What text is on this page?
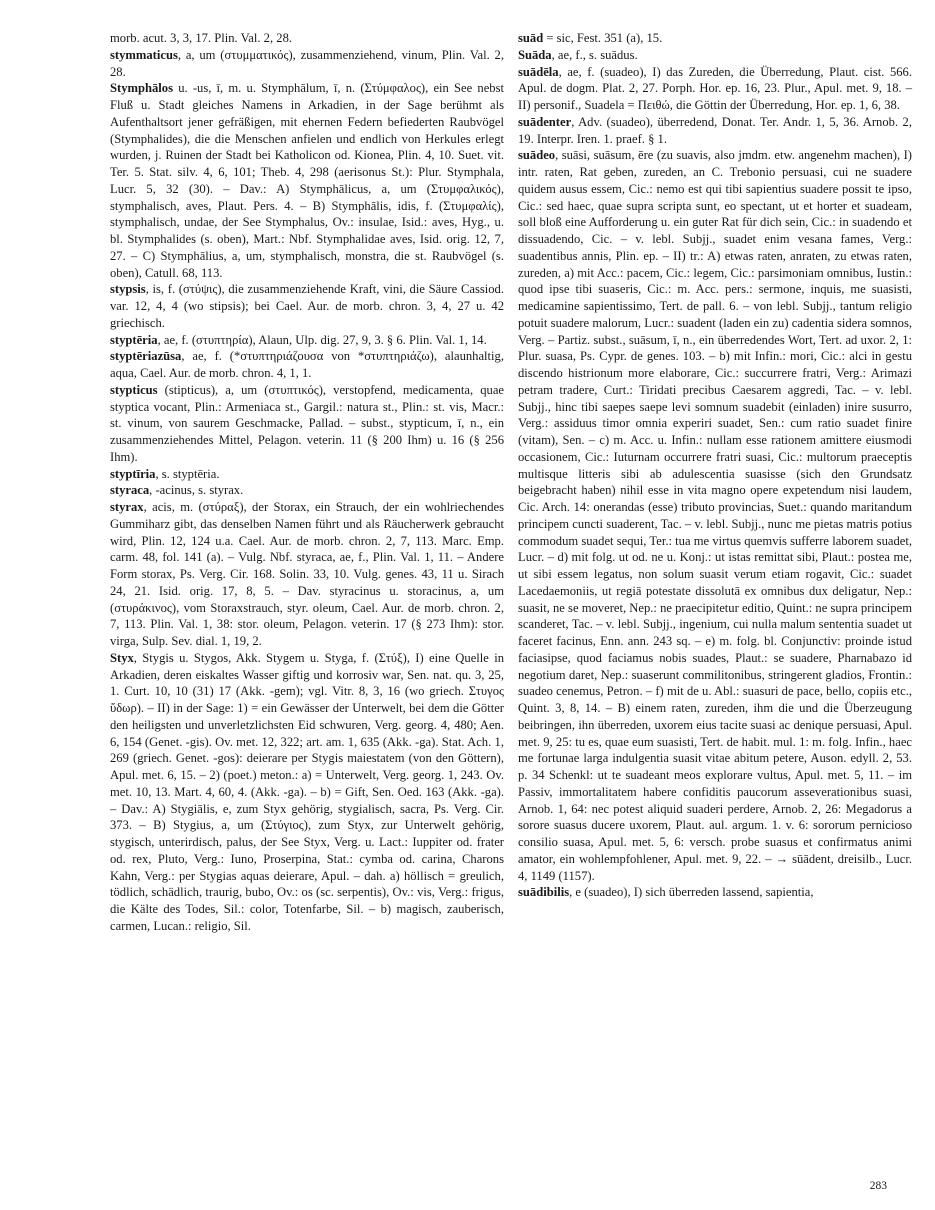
morb. acut. 3, 3, 17. Plin. Val. 2, 28.

stymmaticus, a, um (στυμματικός), zusammenziehend, vinum, Plin. Val. 2, 28.

Stymphālos u. -us, ī, m. u. Stymphālum, ī, n. (Στύμφαλος), ein See nebst Fluß u. Stadt gleiches Namens in Arkadien, in der Sage berühmt als Aufenthaltsort jener gefräßigen, mit ehernen Federn befiederten Raubvögel (Stymphalides), die die Menschen anfielen und endlich von Herkules erlegt wurden, j. Ruinen der Stadt bei Katholicon od. Kionea, Plin. 4, 10. Suet. vit. Ter. 5. Stat. silv. 4, 6, 101; Theb. 4, 298 (aerisonus St.): Plur. Stymphala, Lucr. 5, 32 (30). – Dav.: A) Stymphālicus, a, um (Στυμφαλικός), stymphalisch, aves, Plaut. Pers. 4. – B) Stymphālis, idis, f. (Στυμφαλίς), stymphalisch, undae, der See Stymphalus, Ov.: insulae, Isid.: aves, Hyg., u. bl. Stymphalides (s. oben), Mart.: Nbf. Stymphalidae aves, Isid. orig. 12, 7, 27. – C) Stymphālius, a, um, stymphalisch, monstra, die st. Raubvögel (s. oben), Catull. 68, 113.

stypsis, is, f. (στύψις), die zusammenziehende Kraft, vini, die Säure Cassiod. var. 12, 4, 4 (wo stipsis); bei Cael. Aur. de morb. chron. 3, 4, 27 u. 42 griechisch.

styptēria, ae, f. (στυπτηρία), Alaun, Ulp. dig. 27, 9, 3. § 6. Plin. Val. 1, 14.

styptēriazūsa, ae, f. (*στυπτηριάζουσα von *στυπτηριάζω), alaunhaltig, aqua, Cael. Aur. de morb. chron. 4, 1, 1.

stypticus (stipticus), a, um (στυπτικός), verstopfend, medicamenta, quae styptica vocant, Plin.: Armeniaca st., Gargil.: natura st., Plin.: st. vis, Macr.: st. vinum, von saurem Geschmacke, Pallad. – subst., stypticum, ī, n., ein zusammenziehendes Mittel, Pelagon. veterin. 11 (§ 200 Ihm) u. 16 (§ 256 Ihm).

styptīria, s. styptēria.

styraca, -acinus, s. styrax.

styrax, acis, m. (στύραξ), der Storax, ein Strauch, der ein wohlriechendes Gummiharz gibt, das denselben Namen führt und als Räucherwerk gebraucht wird, Plin. 12, 124 u.a. Cael. Aur. de morb. chron. 2, 7, 113. Marc. Emp. carm. 48, fol. 141 (a). – Vulg. Nbf. styraca, ae, f., Plin. Val. 1, 11. – Andere Form storax, Ps. Verg. Cir. 168. Solin. 33, 10. Vulg. genes. 43, 11 u. Sirach 24, 21. Isid. orig. 17, 8, 5. – Dav. styracinus u. storacinus, a, um (στυράκινος), vom Storaxstrauch, styr. oleum, Cael. Aur. de morb. chron. 2, 7, 113. Plin. Val. 1, 38: stor. oleum, Pelagon. veterin. 17 (§ 273 Ihm): stor. virga, Sulp. Sev. dial. 1, 19, 2.

Styx, Stygis u. Stygos, Akk. Stygem u. Styga, f. (Στύξ), I) eine Quelle in Arkadien, deren eiskaltes Wasser giftig und korrosiv war, Sen. nat. qu. 3, 25, 1. Curt. 10, 10 (31) 17 (Akk. -gem); vgl. Vitr. 8, 3, 16 (wo griech. Στυγος ὕδωρ). – II) in der Sage: 1) = ein Gewässer der Unterwelt, bei dem die Götter den heiligsten und unverletzlichsten Eid schwuren, Verg. georg. 4, 480; Aen. 6, 154 (Genet. -gis). Ov. met. 12, 322; art. am. 1, 635 (Akk. -ga). Stat. Ach. 1, 269 (griech. Genet. -gos): deierare per Stygis maiestatem (von den Göttern), Apul. met. 6, 15. – 2) (poet.) meton.: a) = Unterwelt, Verg. georg. 1, 243. Ov. met. 10, 13. Mart. 4, 60, 4. (Akk. -ga). – b) = Gift, Sen. Oed. 163 (Akk. -ga). – Dav.: A) Stygiālis, e, zum Styx gehörig, stygialisch, sacra, Ps. Verg. Cir. 373. – B) Stygius, a, um (Στύγιος), zum Styx, zur Unterwelt gehörig, stygisch, unterirdisch, palus, der See Styx, Verg. u. Lact.: Iuppiter od. frater od. rex, Pluto, Verg.: Iuno, Proserpina, Stat.: cymba od. carina, Charons Kahn, Verg.: per Stygias aquas deierare, Apul. – dah. a) höllisch = greulich, tödlich, schädlich, traurig, bubo, Ov.: os (sc. serpentis), Ov.: vis, Verg.: frigus, die Kälte des Todes, Sil.: color, Totenfarbe, Sil. – b) magisch, zauberisch, carmen, Lucan.: religio, Sil.

suād = sic, Fest. 351 (a), 15.

Suāda, ae, f., s. suādus.

suādēla, ae, f. (suadeo), I) das Zureden, die Überredung, Plaut. cist. 566. Apul. de dogm. Plat. 2, 27. Porph. Hor. ep. 16, 23. Plur., Apul. met. 9, 18. – II) personif., Suadela = Πειθώ, die Göttin der Überredung, Hor. ep. 1, 6, 38.

suādenter, Adv. (suadeo), überredend, Donat. Ter. Andr. 1, 5, 36. Arnob. 2, 19. Interpr. Iren. 1. praef. § 1.

suādeo, suāsi, suāsum, ēre (zu suavis, also jmdm. etw. angenehm machen), I) intr. raten, Rat geben, zureden, an C. Trebonio persuasi, cui ne suadere quidem ausus essem, Cic.: nemo est qui tibi sapientius suadere possit te ipso, Cic.: sed haec, quae supra scripta sunt, eo spectant, ut et horter et suadeam, soll bloß eine Aufforderung u. ein guter Rat für dich sein, Cic.: in suadendo et dissuadendo, Cic. – v. lebl. Subjj., suadet enim vesana fames, Verg.: suadentibus annis, Plin. ep. – II) tr.: A) etwas raten, anraten, zu etwas raten, zureden, a) mit Acc.: pacem, Cic.: legem, Cic.: parsimoniam omnibus, Iustin.: quod ipse tibi suaseris, Cic.: m. Acc. pers.: sermone, inquis, me suasisti, medicamine sapientissimo, Tert. de pall. 6. – von lebl. Subjj., tantum religio potuit suadere malorum, Lucr.: suadent (laden ein zu) cadentia sidera somnos, Verg. – Partiz. subst., suāsum, ī, n., ein überredendes Wort, Tert. ad uxor. 2, 1: Plur. suasa, Ps. Cypr. de genes. 103. – b) mit Infin.: mori, Cic.: alci in gestu discendo histrionum more elaborare, Cic.: succurrere fratri, Verg.: Arimazi petram tradere, Curt.: Tiridati precibus Caesarem aggredi, Tac. – v. lebl. Subjj., hinc tibi saepes saepe levi somnum suadebit (einladen) inire susurro, Verg.: assiduus timor omnia experiri suadet, Sen.: cum ratio suadet finire (vitam), Sen. – c) m. Acc. u. Infin.: nullam esse rationem amittere eiusmodi occasionem, Cic.: Iuturnam occurrere fratri suasi, Cic.: multorum praeceptis multisque litteris sibi ab adulescentia suasisse (sich den Grundsatz beigebracht haben) nihil esse in vita magno opere expetendum nisi laudem, Cic. Arch. 14: onerandas (esse) tributo provincias, Suet.: quando maritandum principem cuncti suaderent, Tac. – v. lebl. Subjj., nunc me pietas matris potius commodum suadet sequi, Ter.: tua me virtus quemvis sufferre laborem suadet, Lucr. – d) mit folg. ut od. ne u. Konj.: ut istas remittat sibi, Plaut.: postea me, ut sibi essem legatus, non solum suasit verum etiam rogavit, Cic.: suadet Lacedaemoniis, ut regiā potestate dissolutā ex omnibus dux deligatur, Nep.: suasit, ne se moveret, Nep.: ne praecipitetur editio, Quint.: ne supra principem scanderet, Tac. – v. lebl. Subjj., ingenium, cui nulla malum sententia suadet ut faceret facinus, Enn. ann. 243 sq. – e) m. folg. bl. Conjunctiv: proinde istud faciasipse, quod faciamus nobis suades, Plaut.: se suadere, Pharnabazo id negotium daret, Nep.: suaserunt commilitonibus, stringerent gladios, Frontin.: suadeo cenemus, Petron. – f) mit de u. Abl.: suasuri de pace, bello, copiis etc., Quint. 3, 8, 14. – B) einem raten, zureden, ihm die und die Überzeugung beibringen, ihn überreden, uxorem eius tacite suasi ac denique persuasi, Apul. met. 9, 25: tu es, quae eum suasisti, Tert. de habit. mul. 1: m. folg. Infin., haec me fortunae larga indulgentia suasit vitae abitum petere, Auson. edyll. 2, 53. p. 34 Schenkl: ut te suadeant meos explorare vultus, Apul. met. 5, 11. – im Passiv, immortalitatem habere confiditis paucorum asseverationibus suasi, Arnob. 1, 64: nec potest aliquid suaderi perdere, Arnob. 2, 26: Megadorus a sorore suasus ducere uxorem, Plaut. aul. argum. 1. v. 6: sororum pernicioso consilio suasa, Apul. met. 5, 6: versch. probe suasus et confirmatus animi amator, ein wohlempfohlener, Apul. met. 9, 22. – → sūādent, dreisilb., Lucr. 4, 1149 (1157).

suādibilis, e (suadeo), I) sich überreden lassend, sapientia,

283
